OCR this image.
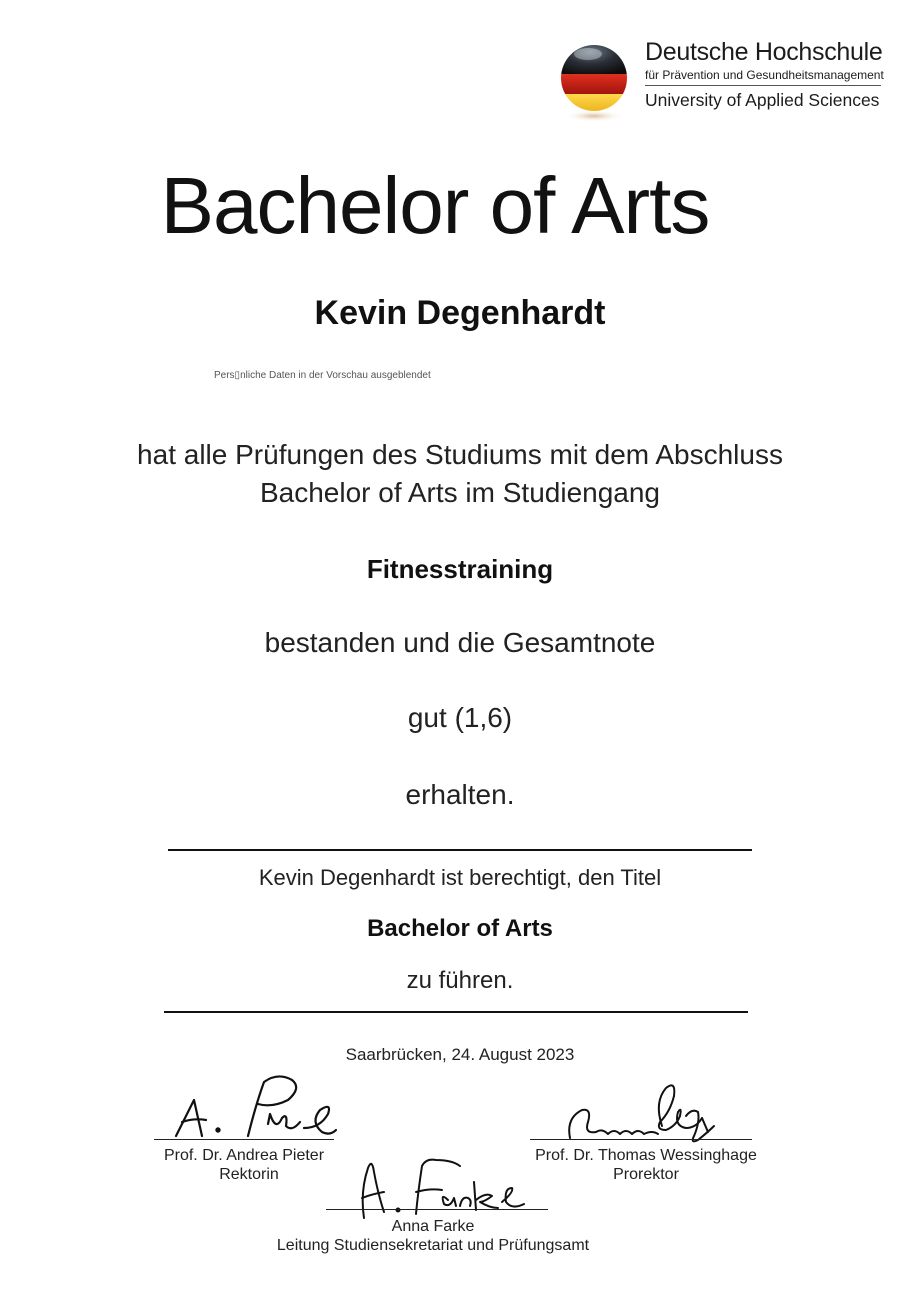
Deutsche Hochschule
für Prävention und Gesundheitsmanagement
University of Applied Sciences
Bachelor of Arts
Kevin Degenhardt
Pers▯nliche Daten in der Vorschau ausgeblendet
hat alle Prüfungen des Studiums mit dem Abschluss
Bachelor of Arts im Studiengang
Fitnesstraining
bestanden und die Gesamtnote
gut (1,6)
erhalten.
Kevin Degenhardt ist berechtigt, den Titel
Bachelor of Arts
zu führen.
Saarbrücken, 24. August 2023
Prof. Dr. Andrea Pieter
Rektorin
Prof. Dr. Thomas Wessinghage
Prorektor
Anna Farke
Leitung Studiensekretariat und Prüfungsamt
